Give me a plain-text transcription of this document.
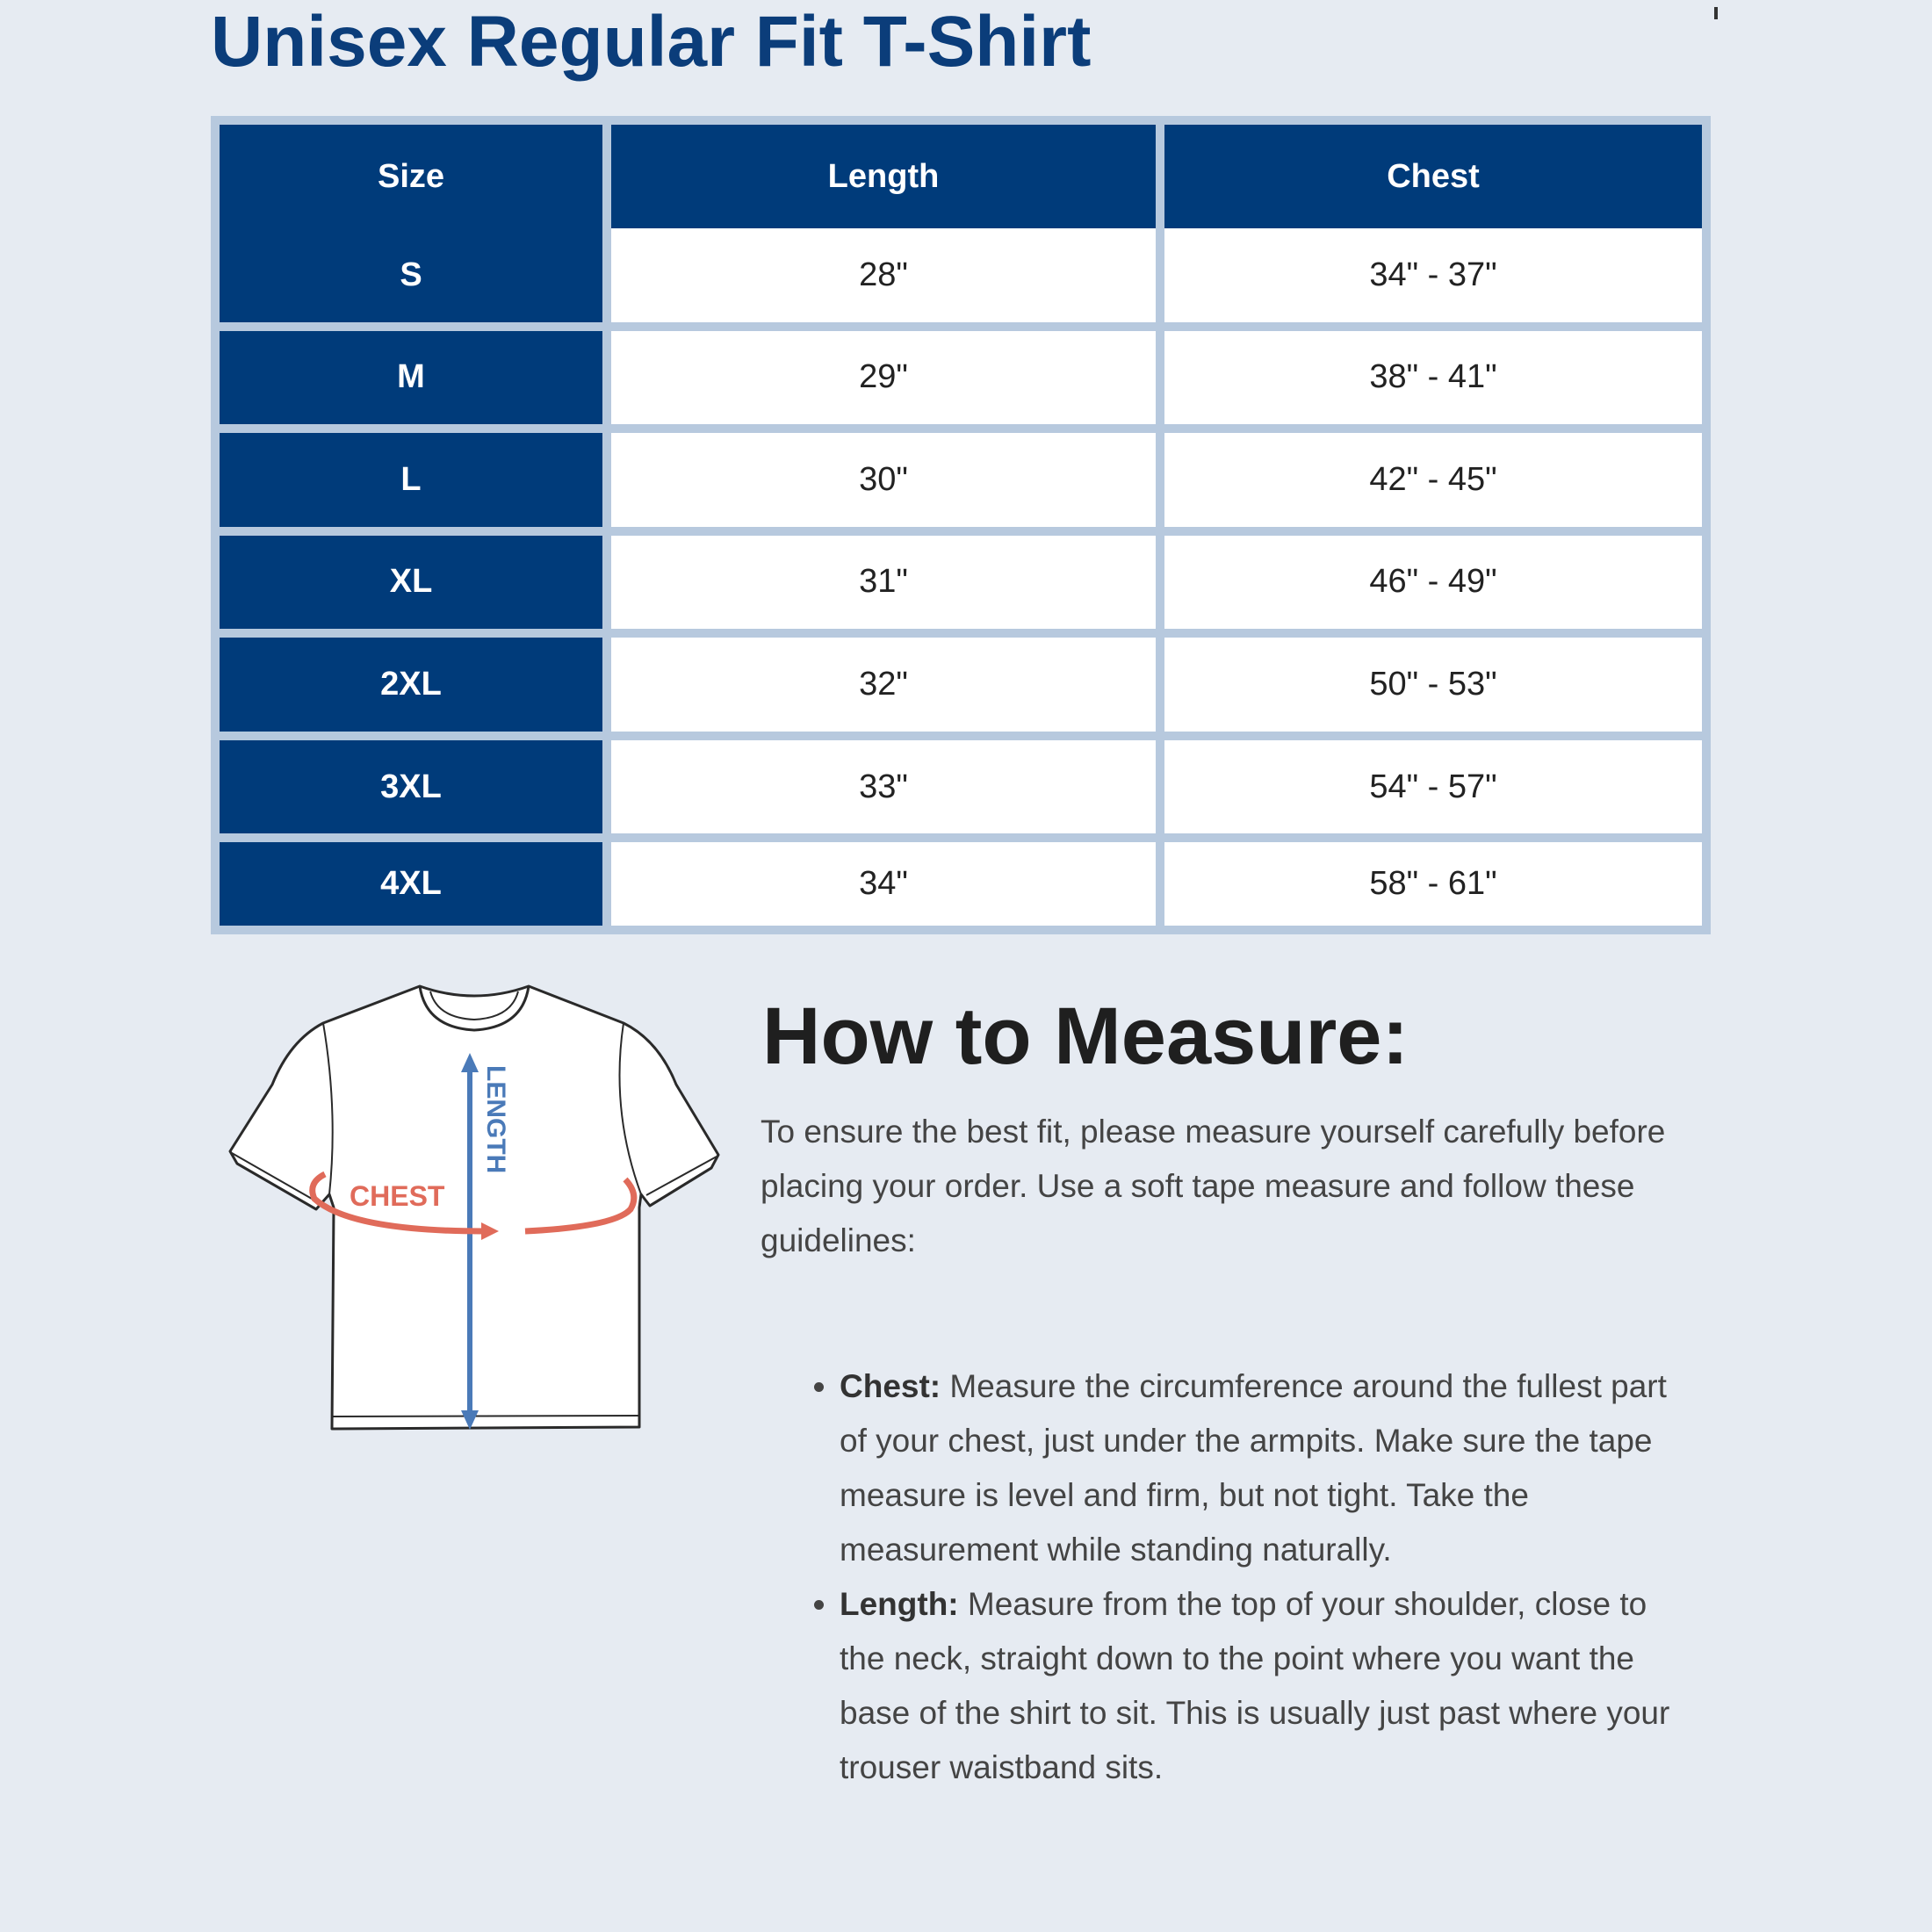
Unisex Regular Fit T-Shirt
Size	Length	Chest
S	28"	34" - 37"
M	29"	38" - 41"
L	30"	42" - 45"
XL	31"	46" - 49"
2XL	32"	50" - 53"
3XL	33"	54" - 57"
4XL	34"	58" - 61"
LENGTH
CHEST
How to Measure:

To ensure the best fit, please measure yourself carefully before placing your order. Use a soft tape measure and follow these guidelines:

• Chest: Measure the circumference around the fullest part of your chest, just under the armpits. Make sure the tape measure is level and firm, but not tight. Take the measurement while standing naturally.
• Length: Measure from the top of your shoulder, close to the neck, straight down to the point where you want the base of the shirt to sit. This is usually just past where your trouser waistband sits.
